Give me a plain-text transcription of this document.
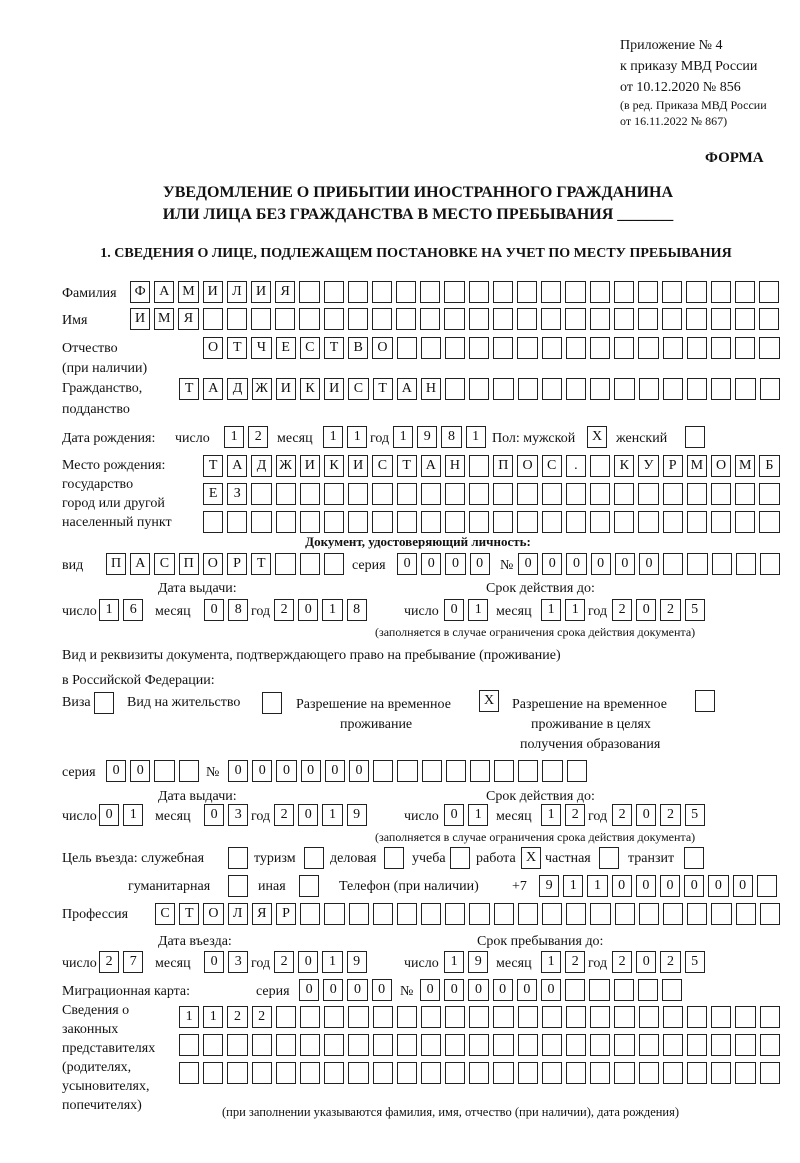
Приложение № 4
к приказу МВД России
от 10.12.2020 № 856
(в ред. Приказа МВД России
от 16.11.2022 № 867)
ФОРМА
УВЕДОМЛЕНИЕ О ПРИБЫТИИ ИНОСТРАННОГО ГРАЖДАНИНА
ИЛИ ЛИЦА БЕЗ ГРАЖДАНСТВА В МЕСТО ПРЕБЫВАНИЯ _______
1. СВЕДЕНИЯ О ЛИЦЕ, ПОДЛЕЖАЩЕМ ПОСТАНОВКЕ НА УЧЕТ ПО МЕСТУ ПРЕБЫВАНИЯ
Фамилия	Ф А М И	Л	И	Я
Имя	И М Я
Отчество
(при наличии)
О	Т	Ч	Е	С	Т	В	О
Гражданство,
подданство
Т	А	Д Ж И	К	И	С	Т	А	Н
Дата рождения: число	1	2	месяц	1	1 год 1	9	8	1 Пол: мужской	X женский
Место рождения:
государство
город или другой
населенный пункт
Т	А	Д Ж И	К	И	С	Т	А	Н	П	О	С	.	К	У	Р	М О М Б
Е	З
Документ, удостоверяющий личность:
вид	П	А	С	П	О	Р	Т	серия	0	0	0	0	№ 0	0	0	0	0	0
Дата выдачи:	Срок действия до:
число 1	6	месяц	0	8 год 2	0	1	8	число 0	1	месяц	1	1 год 2	0	2	5
(заполняется в случае ограничения срока действия документа)
Вид и реквизиты документа, подтверждающего право на пребывание (проживание)
в Российской Федерации:
Виза	Вид на жительство	Разрешение на временное
проживание
X	Разрешение на временное
проживание в целях
получения образования
серия	0	0	№	0	0	0	0	0	0
Дата выдачи:	Срок действия до:
число 0	1	месяц	0	3 год 2	0	1	9	число 0	1	месяц	1	2 год 2	0	2	5
(заполняется в случае ограничения срока действия документа)
Цель въезда: служебная	туризм деловая	учеба работа X частная	транзит
гуманитарная	иная	Телефон (при наличии) +7	9	1	1	0	0	0	0	0	0
Профессия	С	Т	О	Л	Я	Р
Дата въезда:	Срок пребывания до:
число 2	7	месяц	0	3 год 2	0	1	9	число 1	9	месяц	1	2 год 2	0	2	5
Миграционная карта:	серия	0	0	0	0	№ 0	0	0	0	0	0
Сведения о
законных
представителях
(родителях,
усыновителях,
попечителях)
1	1	2	2
(при заполнении указываются фамилия, имя, отчество (при наличии), дата рождения)
